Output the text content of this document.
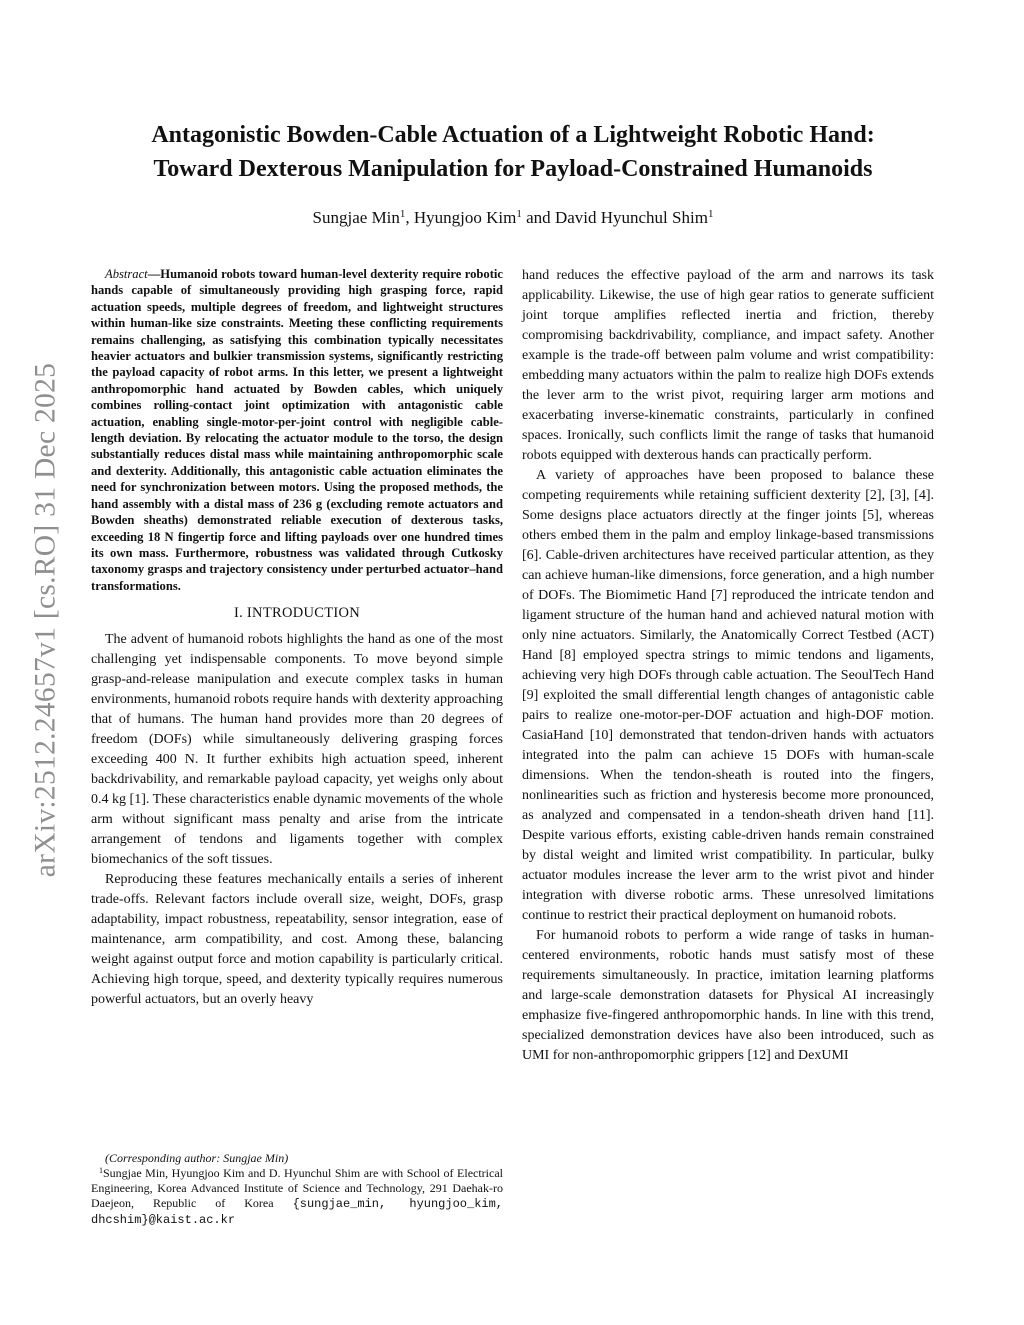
arXiv:2512.24657v1 [cs.RO] 31 Dec 2025
Antagonistic Bowden-Cable Actuation of a Lightweight Robotic Hand:
Toward Dexterous Manipulation for Payload-Constrained Humanoids
Sungjae Min$^1$, Hyungjoo Kim$^1$ and David Hyunchul Shim$^1$

Abstract—Humanoid robots toward human-level dexterity require robotic hands capable of simultaneously providing high grasping force, rapid actuation speeds, multiple degrees of freedom, and lightweight structures within human-like size constraints. Meeting these conflicting requirements remains challenging, as satisfying this combination typically necessitates heavier actuators and bulkier transmission systems, significantly restricting the payload capacity of robot arms. In this letter, we present a lightweight anthropomorphic hand actuated by Bowden cables, which uniquely combines rolling-contact joint optimization with antagonistic cable actuation, enabling single-motor-per-joint control with negligible cable-length deviation. By relocating the actuator module to the torso, the design substantially reduces distal mass while maintaining anthropomorphic scale and dexterity. Additionally, this antagonistic cable actuation eliminates the need for synchronization between motors. Using the proposed methods, the hand assembly with a distal mass of 236 g (excluding remote actuators and Bowden sheaths) demonstrated reliable execution of dexterous tasks, exceeding 18 N fingertip force and lifting payloads over one hundred times its own mass. Furthermore, robustness was validated through Cutkosky taxonomy grasps and trajectory consistency under perturbed actuator–hand transformations.

I. INTRODUCTION

The advent of humanoid robots highlights the hand as one of the most challenging yet indispensable components. To move beyond simple grasp-and-release manipulation and execute complex tasks in human environments, humanoid robots require hands with dexterity approaching that of humans. The human hand provides more than 20 degrees of freedom (DOFs) while simultaneously delivering grasping forces exceeding 400 N. It further exhibits high actuation speed, inherent backdrivability, and remarkable payload capacity, yet weighs only about 0.4 kg [1]. These characteristics enable dynamic movements of the whole arm without significant mass penalty and arise from the intricate arrangement of tendons and ligaments together with complex biomechanics of the soft tissues.

Reproducing these features mechanically entails a series of inherent trade-offs. Relevant factors include overall size, weight, DOFs, grasp adaptability, impact robustness, repeatability, sensor integration, ease of maintenance, arm compatibility, and cost. Among these, balancing weight against output force and motion capability is particularly critical. Achieving high torque, speed, and dexterity typically requires numerous powerful actuators, but an overly heavy

(Corresponding author: Sungjae Min)
$^1$Sungjae Min, Hyungjoo Kim and D. Hyunchul Shim are with School of Electrical Engineering, Korea Advanced Institute of Science and Technology, 291 Daehak-ro Daejeon, Republic of Korea {sungjae_min, hyungjoo_kim, dhcshim}@kaist.ac.kr

hand reduces the effective payload of the arm and narrows its task applicability. Likewise, the use of high gear ratios to generate sufficient joint torque amplifies reflected inertia and friction, thereby compromising backdrivability, compliance, and impact safety. Another example is the trade-off between palm volume and wrist compatibility: embedding many actuators within the palm to realize high DOFs extends the lever arm to the wrist pivot, requiring larger arm motions and exacerbating inverse-kinematic constraints, particularly in confined spaces. Ironically, such conflicts limit the range of tasks that humanoid robots equipped with dexterous hands can practically perform.

A variety of approaches have been proposed to balance these competing requirements while retaining sufficient dexterity [2], [3], [4]. Some designs place actuators directly at the finger joints [5], whereas others embed them in the palm and employ linkage-based transmissions [6]. Cable-driven architectures have received particular attention, as they can achieve human-like dimensions, force generation, and a high number of DOFs. The Biomimetic Hand [7] reproduced the intricate tendon and ligament structure of the human hand and achieved natural motion with only nine actuators. Similarly, the Anatomically Correct Testbed (ACT) Hand [8] employed spectra strings to mimic tendons and ligaments, achieving very high DOFs through cable actuation. The SeoulTech Hand [9] exploited the small differential length changes of antagonistic cable pairs to realize one-motor-per-DOF actuation and high-DOF motion. CasiaHand [10] demonstrated that tendon-driven hands with actuators integrated into the palm can achieve 15 DOFs with human-scale dimensions. When the tendon-sheath is routed into the fingers, nonlinearities such as friction and hysteresis become more pronounced, as analyzed and compensated in a tendon-sheath driven hand [11]. Despite various efforts, existing cable-driven hands remain constrained by distal weight and limited wrist compatibility. In particular, bulky actuator modules increase the lever arm to the wrist pivot and hinder integration with diverse robotic arms. These unresolved limitations continue to restrict their practical deployment on humanoid robots.

For humanoid robots to perform a wide range of tasks in human-centered environments, robotic hands must satisfy most of these requirements simultaneously. In practice, imitation learning platforms and large-scale demonstration datasets for Physical AI increasingly emphasize five-fingered anthropomorphic hands. In line with this trend, specialized demonstration devices have also been introduced, such as UMI for non-anthropomorphic grippers [12] and DexUMI
